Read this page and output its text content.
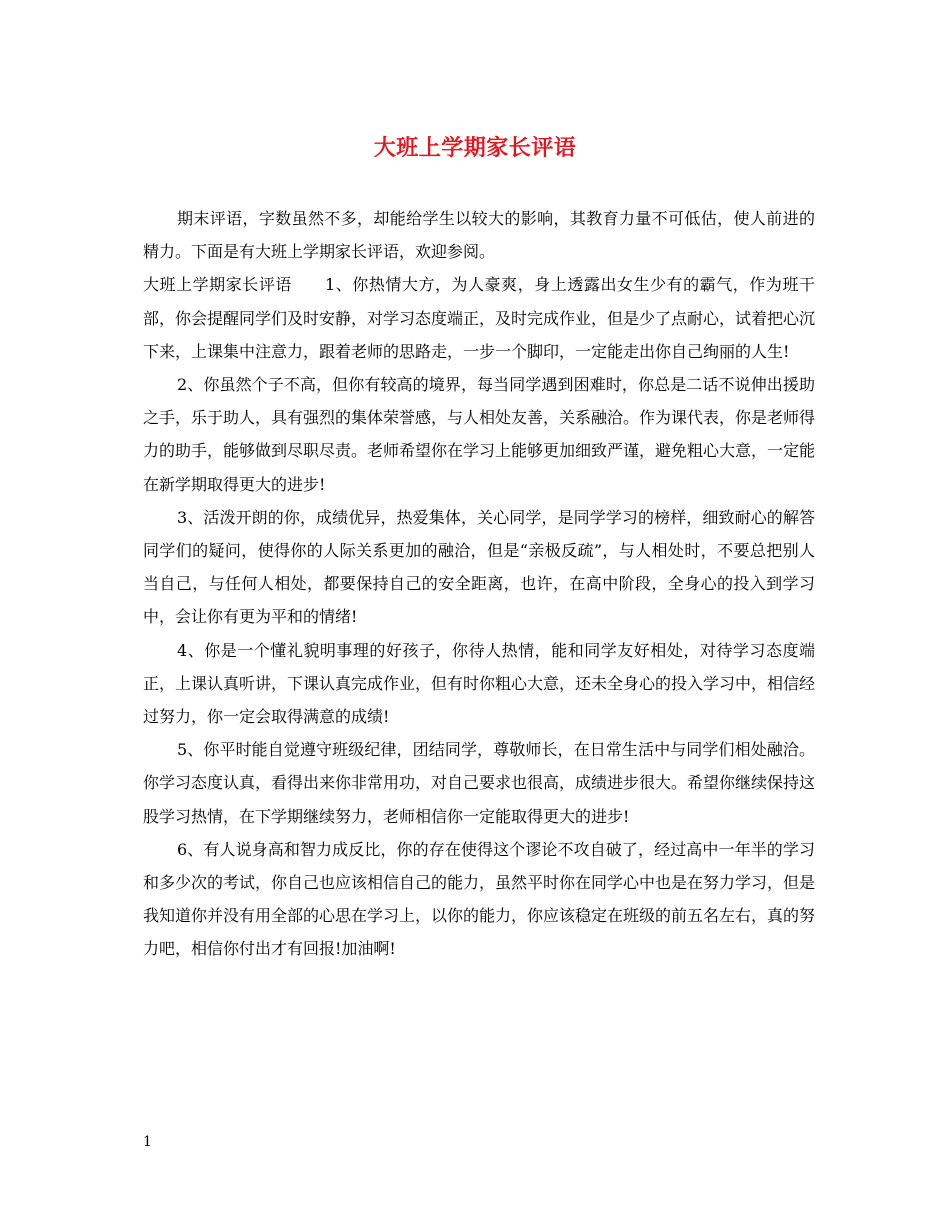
大班上学期家长评语

期末评语，字数虽然不多，却能给学生以较大的影响，其教育力量不可低估，使人前进的精力。下面是有大班上学期家长评语，欢迎参阅。

大班上学期家长评语　　1、你热情大方，为人豪爽，身上透露出女生少有的霸气，作为班干部，你会提醒同学们及时安静，对学习态度端正，及时完成作业，但是少了点耐心，试着把心沉下来，上课集中注意力，跟着老师的思路走，一步一个脚印，一定能走出你自己绚丽的人生!

2、你虽然个子不高，但你有较高的境界，每当同学遇到困难时，你总是二话不说伸出援助之手，乐于助人，具有强烈的集体荣誉感，与人相处友善，关系融洽。作为课代表，你是老师得力的助手，能够做到尽职尽责。老师希望你在学习上能够更加细致严谨，避免粗心大意，一定能在新学期取得更大的进步!

3、活泼开朗的你，成绩优异，热爱集体，关心同学，是同学学习的榜样，细致耐心的解答同学们的疑问，使得你的人际关系更加的融洽，但是“亲极反疏”，与人相处时，不要总把别人当自己，与任何人相处，都要保持自己的安全距离，也许，在高中阶段，全身心的投入到学习中，会让你有更为平和的情绪!

4、你是一个懂礼貌明事理的好孩子，你待人热情，能和同学友好相处，对待学习态度端正，上课认真听讲，下课认真完成作业，但有时你粗心大意，还未全身心的投入学习中，相信经过努力，你一定会取得满意的成绩!

5、你平时能自觉遵守班级纪律，团结同学，尊敬师长，在日常生活中与同学们相处融洽。你学习态度认真，看得出来你非常用功，对自己要求也很高，成绩进步很大。希望你继续保持这股学习热情，在下学期继续努力，老师相信你一定能取得更大的进步!

6、有人说身高和智力成反比，你的存在使得这个谬论不攻自破了，经过高中一年半的学习和多少次的考试，你自己也应该相信自己的能力，虽然平时你在同学心中也是在努力学习，但是我知道你并没有用全部的心思在学习上，以你的能力，你应该稳定在班级的前五名左右，真的努力吧，相信你付出才有回报!加油啊!

1
